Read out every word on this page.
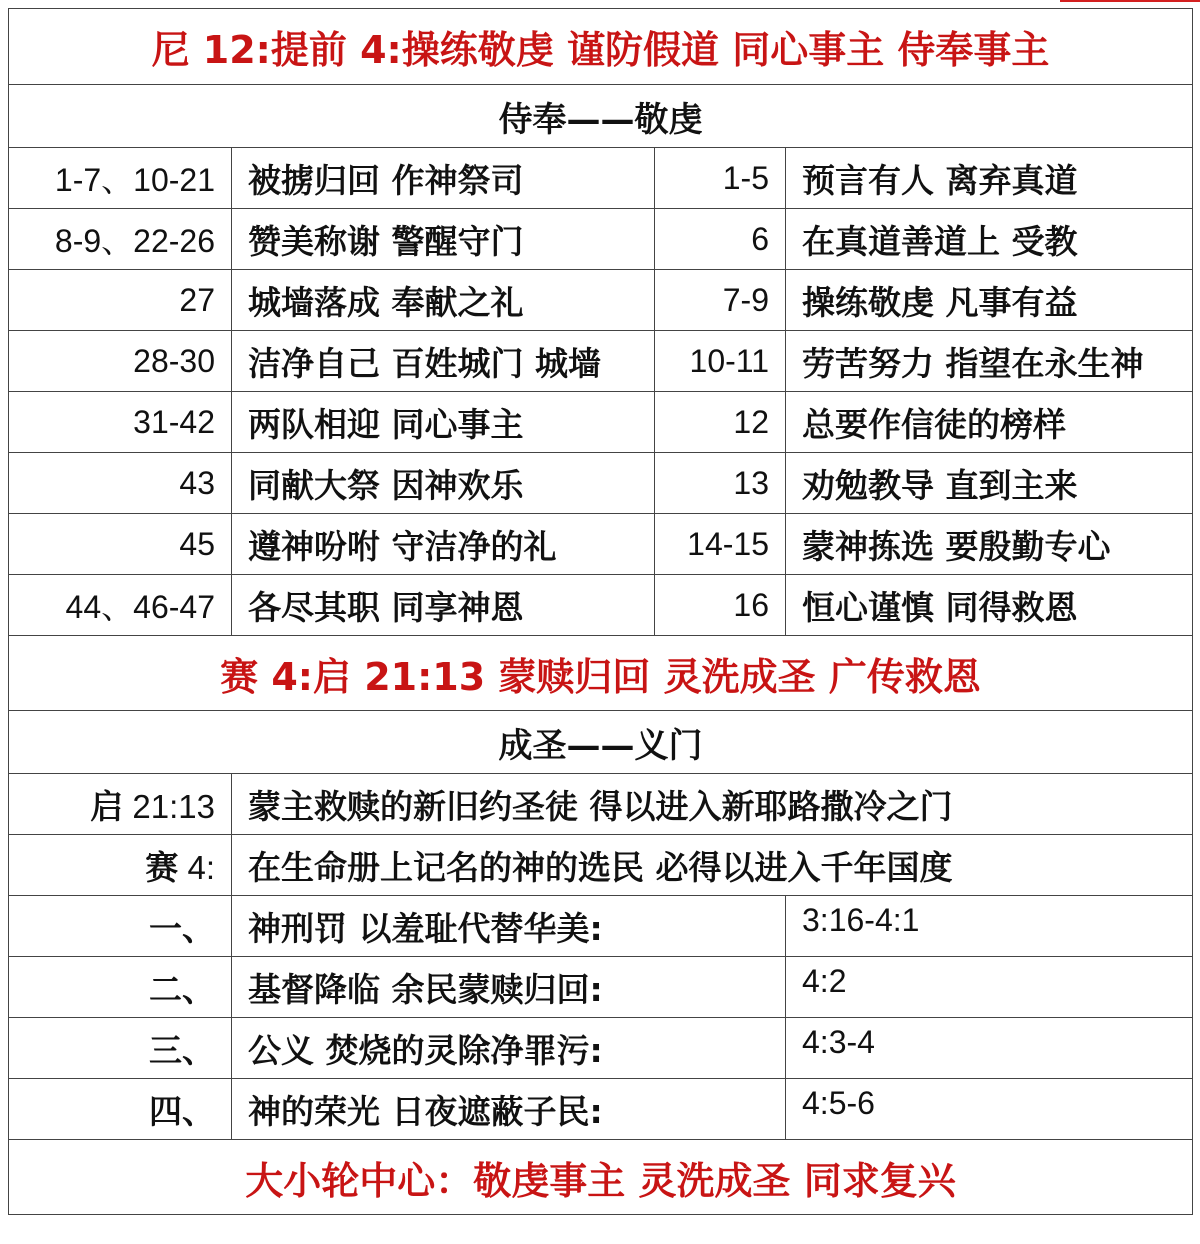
尼 12:提前 4:操练敬虔 谨防假道 同心事主 侍奉事主			
侍奉——敬虔			
1-7、10-21	被掳归回 作神祭司	1-5	预言有人 离弃真道
8-9、22-26	赞美称谢 警醒守门	6	在真道善道上 受教
27	城墙落成 奉献之礼	7-9	操练敬虔 凡事有益
28-30	洁净自己 百姓城门 城墙	10-11	劳苦努力 指望在永生神
31-42	两队相迎 同心事主	12	总要作信徒的榜样
43	同献大祭 因神欢乐	13	劝勉教导 直到主来
45	遵神吩咐 守洁净的礼	14-15	蒙神拣选 要殷勤专心
44、46-47	各尽其职 同享神恩	16	恒心谨慎 同得救恩
赛 4:启 21:13 蒙赎归回 灵洗成圣 广传救恩			
成圣——义门			
启 21:13	蒙主救赎的新旧约圣徒 得以进入新耶路撒冷之门		
赛 4:	在生命册上记名的神的选民 必得以进入千年国度		
一、	神刑罚 以羞耻代替华美:		3:16-4:1
二、	基督降临 余民蒙赎归回:		4:2
三、	公义 焚烧的灵除净罪污:		4:3-4
四、	神的荣光 日夜遮蔽子民:		4:5-6
大小轮中心：敬虔事主 灵洗成圣 同求复兴			
